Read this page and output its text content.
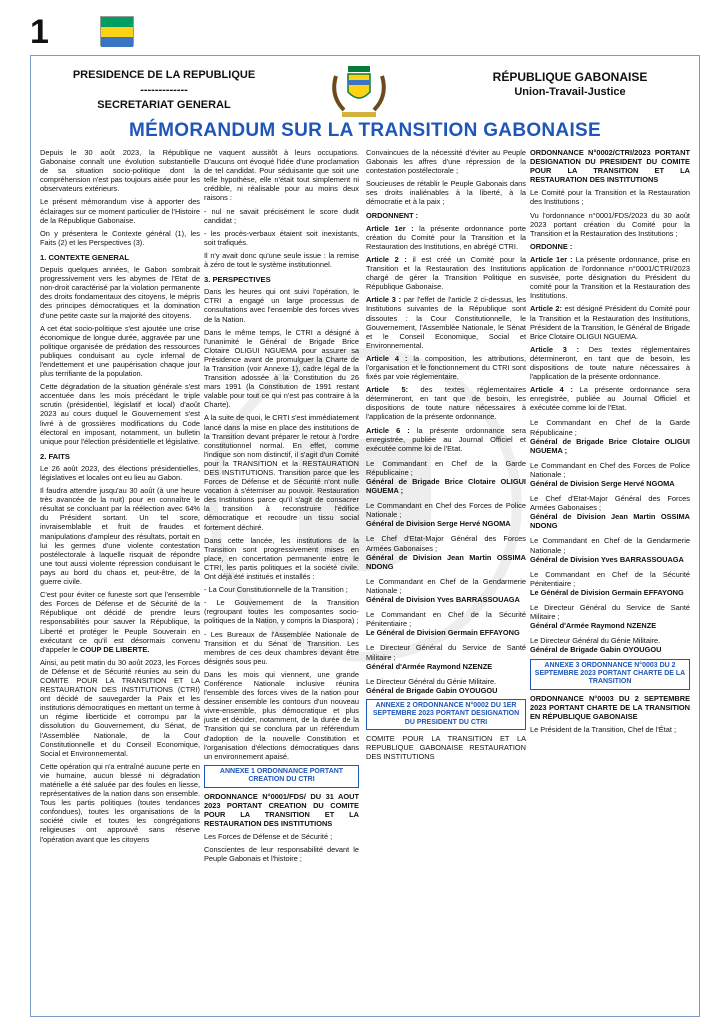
1
PRESIDENCE DE LA REPUBLIQUE
-------------
SECRETARIAT GENERAL
RÉPUBLIQUE GABONAISE
Union-Travail-Justice
MÉMORANDUM SUR LA TRANSITION GABONAISE

Depuis le 30 août 2023, la République Gabonaise connaît une évolution substantielle de sa situation socio-politique dont la compréhension n'est pas toujours aisée pour les observateurs extérieurs.

Le présent mémorandum vise à apporter des éclairages sur ce moment particulier de l'Histoire de la République Gabonaise.

On y présentera le Contexte général (1), les Faits (2) et les Perspectives (3).

1. CONTEXTE GENERAL

Depuis quelques années, le Gabon sombrait progressivement vers les abymes de l'Etat de non-droit caractérisé par la violation permanente des droits fondamentaux des citoyens, le mépris des principes démocratiques et la domination d'une petite caste sur la majorité des citoyens.

A cet état socio-politique s'est ajoutée une crise économique de longue durée, aggravée par une politique organisée de prédation des ressources publiques conduisant au cycle infernal de l'endettement et une paupérisation chaque jour plus terrifiante de la population.

Cette dégradation de la situation générale s'est accentuée dans les mois précédant le triple scrutin (présidentiel, législatif et local) d'août 2023 au cours duquel le Gouvernement s'est livré à de grossières modifications du Code électoral en imposant, notamment, un bulletin unique pour l'élection présidentielle et législative.

2. FAITS

Le 26 août 2023, des élections présidentielles, législatives et locales ont eu lieu au Gabon.

Il faudra attendre jusqu'au 30 août (à une heure très avancée de la nuit) pour en connaître le résultat se concluant par la réélection avec 64% du Président sortant. Un tel score, invraisemblable et fruit de fraudes et manipulations d'ampleur des résultats, portait en lui les germes d'une violente contestation postélectorale à laquelle risquait de répondre une tout aussi violente répression conduisant le pays au bord du chaos et, peut-être, de la guerre civile.

C'est pour éviter ce funeste sort que l'ensemble des Forces de Défense et de Sécurité de la République ont décidé de prendre leurs responsabilités pour sauver la République, la Liberté et protéger le Peuple Souverain en exécutant ce qu'il est désormais convenu d'appeler le COUP DE LIBERTE.

Ainsi, au petit matin du 30 août 2023, les Forces de Défense et de Sécurité réunies au sein du COMITE POUR LA TRANSITION ET LA RESTAURATION DES INSTITUTIONS (CTRI) ont décidé de sauvegarder la Paix et les institutions démocratiques en mettant un terme à un régime liberticide et corrompu par la dissolution du Gouvernement, du Sénat, de l'Assemblée Nationale, de la Cour Constitutionnelle et du Conseil Economique, Social et Environnemental.

Cette opération qui n'a entraîné aucune perte en vie humaine, aucun blessé ni dégradation matérielle a été saluée par des foules en liesse, représentatives de la nation dans son ensemble. Tous les partis politiques (toutes tendances confondues), toutes les organisations de la société civile et toutes les congrégations religieuses ont approuvé sans réserve l'opération avant que les citoyens

ne vaquent aussitôt à leurs occupations. D'aucuns ont évoqué l'idée d'une proclamation de tel candidat. Pour séduisante que soit une telle hypothèse, elle n'était tout simplement ni crédible, ni réalisable pour au moins deux raisons :

- nul ne savait précisément le score dudit candidat ;

- les procès-verbaux étaient soit inexistants, soit trafiqués.

Il n'y avait donc qu'une seule issue : la remise à zéro de tout le système institutionnel.

3. PERSPECTIVES

Dans les heures qui ont suivi l'opération, le CTRI a engagé un large processus de consultations avec l'ensemble des forces vives de la Nation.

Dans le même temps, le CTRI a désigné à l'unanimité le Général de Brigade Brice Clotaire OLIGUI NGUEMA pour assurer sa Présidence avant de promulguer la Charte de la Transition (voir Annexe 1), cadre légal de la Transition adossée à la Constitution du 26 mars 1991 (la Constitution de 1991 restant valable pour tout ce qui n'est pas contraire à la Charte).

A la suite de quoi, le CRTI s'est immédiatement lancé dans la mise en place des institutions de la Transition devant préparer le retour à l'ordre constitutionnel normal. En effet, comme l'indique son nom distinctif, il s'agit d'un Comité pour la TRANSITION et la RESTAURATION DES INSTITUTIONS. Transition parce que les Forces de Défense et de Sécurité n'ont nulle vocation à s'éterniser au pouvoir. Restauration des Institutions parce qu'il s'agit de consacrer la transition à reconstruire l'édifice démocratique et recoudre un tissu social fortement déchiré.

Dans cette lancée, les institutions de la Transition sont progressivement mises en place, en concertation permanente entre le CTRI, les partis politiques et la société civile. Ont déjà été institués et installés :

- La Cour Constitutionnelle de la Transition ;

- Le Gouvernement de la Transition (regroupant toutes les composantes socio-politiques de la Nation, y compris la Diaspora) ;

- Les Bureaux de l'Assemblée Nationale de Transition et du Sénat de Transition. Les membres de ces deux chambres devant être désignés sous peu.

Dans les mois qui viennent, une grande Conférence Nationale inclusive réunira l'ensemble des forces vives de la nation pour dessiner ensemble les contours d'un nouveau vivre-ensemble, plus démocratique et plus juste et décider, notamment, de la durée de la Transition qui se conclura par un référendum d'adoption de la nouvelle Constitution et l'organisation d'élections démocratiques dans un environnement apaisé.

ANNEXE 1 ORDONNANCE PORTANT CREATION DU CTRI

ORDONNANCE N°0001/FDS/ DU 31 AOUT 2023 PORTANT CREATION DU COMITE POUR LA TRANSITION ET LA RESTAURATION DES INSTITUTIONS

Les Forces de Défense et de Sécurité ;

Conscientes de leur responsabilité devant le Peuple Gabonais et l'histoire ;

Convaincues de la nécessité d'éviter au Peuple Gabonais les affres d'une répression de la contestation postélectorale ;

Soucieuses de rétablir le Peuple Gabonais dans ses droits inaliénables à la liberté, à la démocratie et à la paix ;

ORDONNENT :

Article 1er : la présente ordonnance porte création du Comité pour la Transition et la Restauration des Institutions, en abrégé CTRI.

Article 2 : il est créé un Comité pour la Transition et la Restauration des Institutions chargé de gérer la Transition Politique en République Gabonaise.

Article 3 : par l'effet de l'article 2 ci-dessus, les Institutions suivantes de la République sont dissoutes : la Cour Constitutionnelle, le Gouvernement, l'Assemblée Nationale, le Sénat et le Conseil Economique, Social et Environnemental.

Article 4 : la composition, les attributions, l'organisation et le fonctionnement du CTRI sont fixés par voie réglementaire.

Article 5: des textes réglementaires détermineront, en tant que de besoin, les dispositions de toute nature nécessaires à l'application de la présente ordonnance.

Article 6 : la présente ordonnance sera enregistrée, publiée au Journal Officiel et exécutée comme loi de l'Etat.

Le Commandant en Chef de la Garde Républicaine ;
Général de Brigade Brice Clotaire OLIGUI NGUEMA ;
Le Commandant en Chef des Forces de Police Nationale ;
Général de Division Serge Hervé NGOMA
Le Chef d'Etat-Major Général des Forces Armées Gabonaises ;
Général de Division Jean Martin OSSIMA NDONG
Le Commandant en Chef de la Gendarmerie Nationale ;
Général de Division Yves BARRASSOUAGA
Le Commandant en Chef de la Sécurité Pénitentiaire ;
Le Général de Division Germain EFFAYONG
Le Directeur Général du Service de Santé Militaire ;
Général d'Armée Raymond NZENZE
Le Directeur Général du Génie Militaire.
Général de Brigade Gabin OYOUGOU
ANNEXE 2 ORDONNANCE N°0002 DU 1ER SEPTEMBRE 2023 PORTANT DESIGNATION DU PRESIDENT DU CTRI

COMITE POUR LA TRANSITION ET LA REPUBLIQUE GABONAISE RESTAURATION DES INSTITUTIONS

ORDONNANCE N°0002/CTRI/2023 PORTANT DESIGNATION DU PRESIDENT DU COMITE POUR LA TRANSITION ET LA RESTAURATION DES INSTITUTIONS

Le Comité pour la Transition et la Restauration des Institutions ;

Vu l'ordonnance n°0001/FDS/2023 du 30 août 2023 portant création du Comité pour la Transition et la Restauration des Institutions ;

ORDONNE :

Article 1er : La présente ordonnance, prise en application de l'ordonnance n°0001/CTRI/2023 susvisée, porte désignation du Président du comité pour la Transition et la Restauration des Institutions.

Article 2: est désigné Président du Comité pour la Transition et la Restauration des Institutions, Président de la Transition, le Général de Brigade Brice Clotaire OLIGUI NGUEMA.

Article 3 : Des textes réglementaires détermineront, en tant que de besoin, les dispositions de toute nature nécessaires à l'application de la présente ordonnance.

Article 4 : La présente ordonnance sera enregistrée, publiée au Journal Officiel et exécutée comme loi de l'Etat.

Le Commandant en Chef de la Garde Républicaine ;
Général de Brigade Brice Clotaire OLIGUI NGUEMA ;
Le Commandant en Chef des Forces de Police Nationale ;
Général de Division Serge Hervé NGOMA
Le Chef d'Etat-Major Général des Forces Armées Gabonaises ;
Général de Division Jean Martin OSSIMA NDONG
Le Commandant en Chef de la Gendarmerie Nationale ;
Général de Division Yves BARRASSOUAGA
Le Commandant en Chef de la Sécurité Pénitentiaire ;
Le Général de Division Germain EFFAYONG
Le Directeur Général du Service de Santé Militaire ;
Général d'Armée Raymond NZENZE
Le Directeur Général du Génie Militaire.
Général de Brigade Gabin OYOUGOU
ANNEXE 3 ORDONNANCE N°0003 DU 2 SEPTEMBRE 2023 PORTANT CHARTE DE LA TRANSITION

ORDONNANCE N°0003 DU 2 SEPTEMBRE 2023 PORTANT CHARTE DE LA TRANSITION EN RÉPUBLIQUE GABONAISE

Le Président de la Transition, Chef de l'État ;
